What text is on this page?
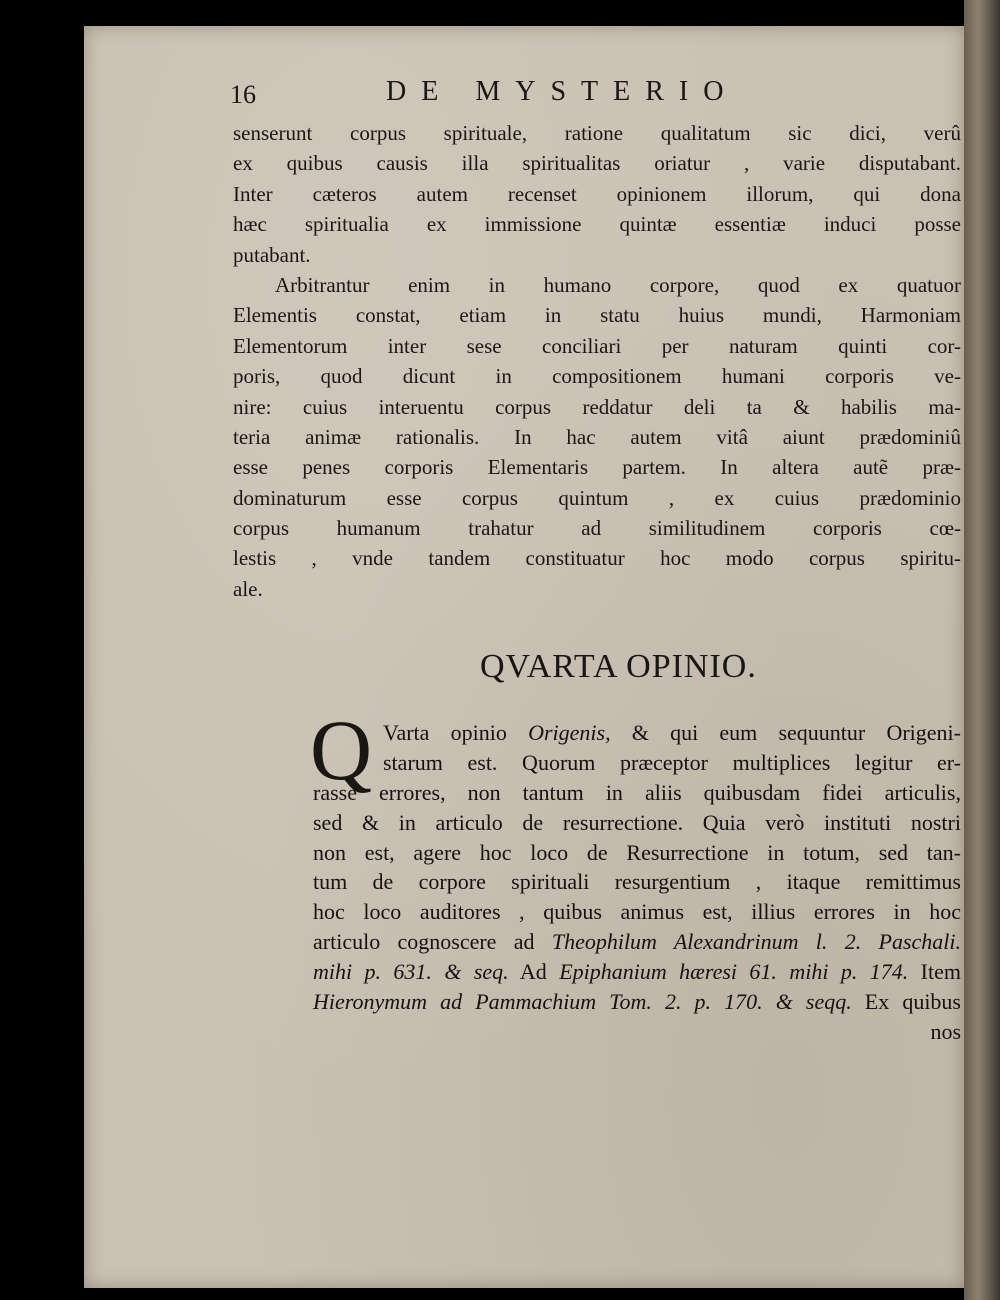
16	DE MYSTERIO
senserunt corpus spirituale, ratione qualitatum sic dici, verû
ex quibus causis illa spiritualitas oriatur , varie disputabant.
Inter cæteros autem recenset opinionem illorum, qui dona
hæc spiritualia ex immissione quintæ essentiæ induci posse
putabant.
Arbitrantur enim in humano corpore, quod ex quatuor
Elementis constat, etiam in statu huius mundi, Harmoniam
Elementorum inter sese conciliari per naturam quinti cor-
poris, quod dicunt in compositionem humani corporis ve-
nire: cuius interuentu corpus reddatur deli ta & habilis ma-
teria animæ rationalis. In hac autem vitâ aiunt prædominiû
esse penes corporis Elementaris partem. In altera autẽ præ-
dominaturum esse corpus quintum , ex cuius prædominio
corpus humanum trahatur ad similitudinem corporis cœ-
lestis , vnde tandem constituatur hoc modo corpus spiritu-
ale.
QVARTA OPINIO.
Q Varta opinio Origenis, & qui eum sequuntur Origeni-
starum est. Quorum præceptor multiplices legitur er-
rasse errores, non tantum in aliis quibusdam fidei articulis,
sed & in articulo de resurrectione. Quia verò instituti nostri
non est, agere hoc loco de Resurrectione in totum, sed tan-
tum de corpore spirituali resurgentium , itaque remittimus
hoc loco auditores , quibus animus est, illius errores in hoc
articulo cognoscere ad Theophilum Alexandrinum l. 2. Paschali.
mihi p. 631. & seq. Ad Epiphanium hæresi 61. mihi p. 174. Item
Hieronymum ad Pammachium Tom. 2. p. 170. & seqq. Ex quibus
nos
